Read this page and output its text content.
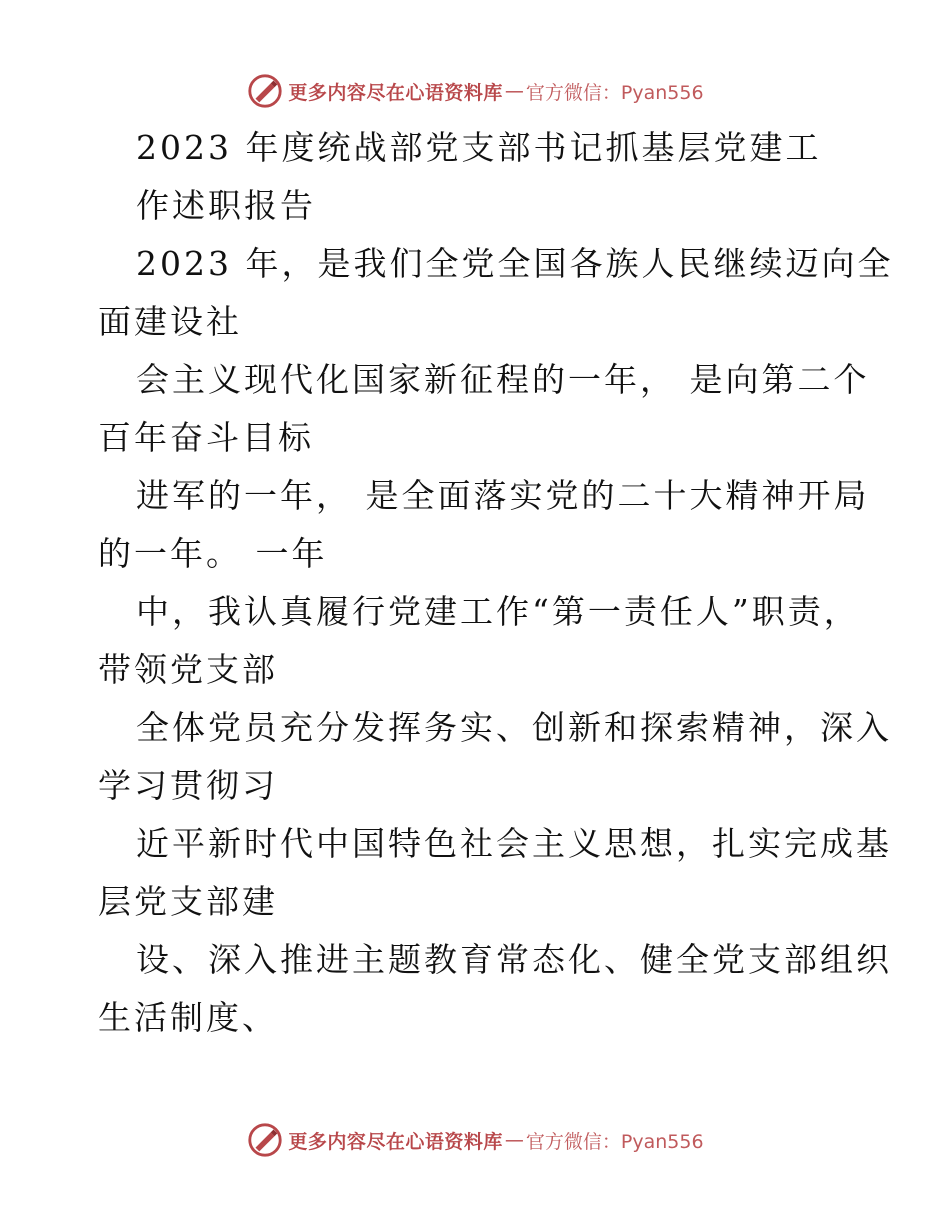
更多内容尽在心语资料库 — 官方微信：Pyan556
2023 年度统战部党支部书记抓基层党建工
作述职报告
2023 年，是我们全党全国各族人民继续迈向全
面建设社
会主义现代化国家新征程的一年， 是向第二个
百年奋斗目标
进军的一年， 是全面落实党的二十大精神开局
的一年。 一年
中，我认真履行党建工作“第一责任人”职责，
带领党支部
全体党员充分发挥务实、创新和探索精神，深入
学习贯彻习
近平新时代中国特色社会主义思想，扎实完成基
层党支部建
设、深入推进主题教育常态化、健全党支部组织
生活制度、
更多内容尽在心语资料库 — 官方微信：Pyan556
